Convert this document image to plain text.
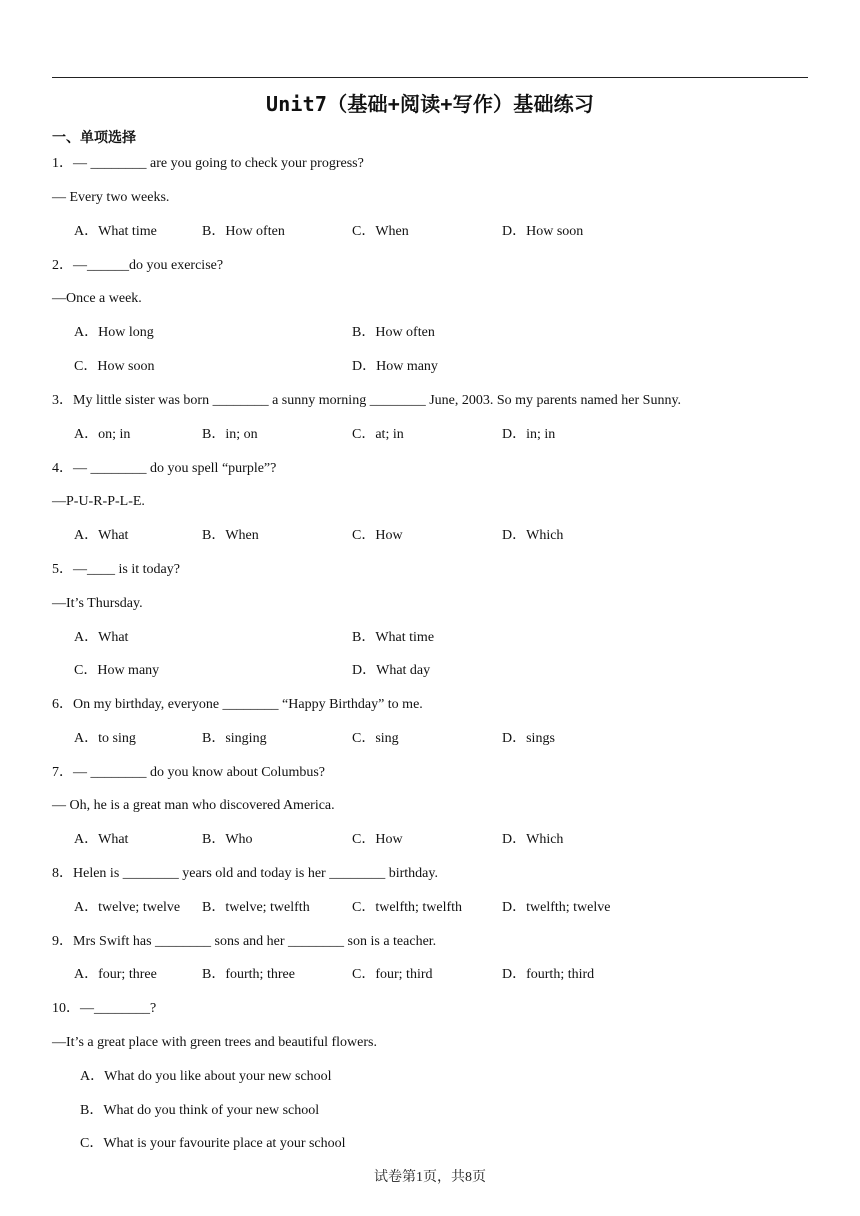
Unit7（基础+阅读+写作）基础练习
一、单项选择
1．— ________ are you going to check your progress?
— Every two weeks.
A．What time	B．How often	C．When	D．How soon
2．—______do you exercise?
—Once a week.
A．How long	B．How often
C．How soon	D．How many
3．My little sister was born ________ a sunny morning ________ June, 2003. So my parents named her Sunny.
A．on; in	B．in; on	C．at; in	D．in; in
4．— ________ do you spell “purple”?
—P-U-R-P-L-E.
A．What	B．When	C．How	D．Which
5．—____ is it today?
—It’s Thursday.
A．What	B．What time
C．How many	D．What day
6．On my birthday, everyone ________ “Happy Birthday” to me.
A．to sing	B．singing	C．sing	D．sings
7．— ________ do you know about Columbus?
— Oh, he is a great man who discovered America.
A．What	B．Who	C．How	D．Which
8．Helen is ________ years old and today is her ________ birthday.
A．twelve; twelve B．twelve; twelfth	C．twelfth; twelfth	D．twelfth; twelve
9．Mrs Swift has ________ sons and her ________ son is a teacher.
A．four; three	B．fourth; three	C．four; third	D．fourth; third
10．—________?
—It’s a great place with green trees and beautiful flowers.
A．What do you like about your new school
B．What do you think of your new school
C．What is your favourite place at your school
试卷第1页，共8页
